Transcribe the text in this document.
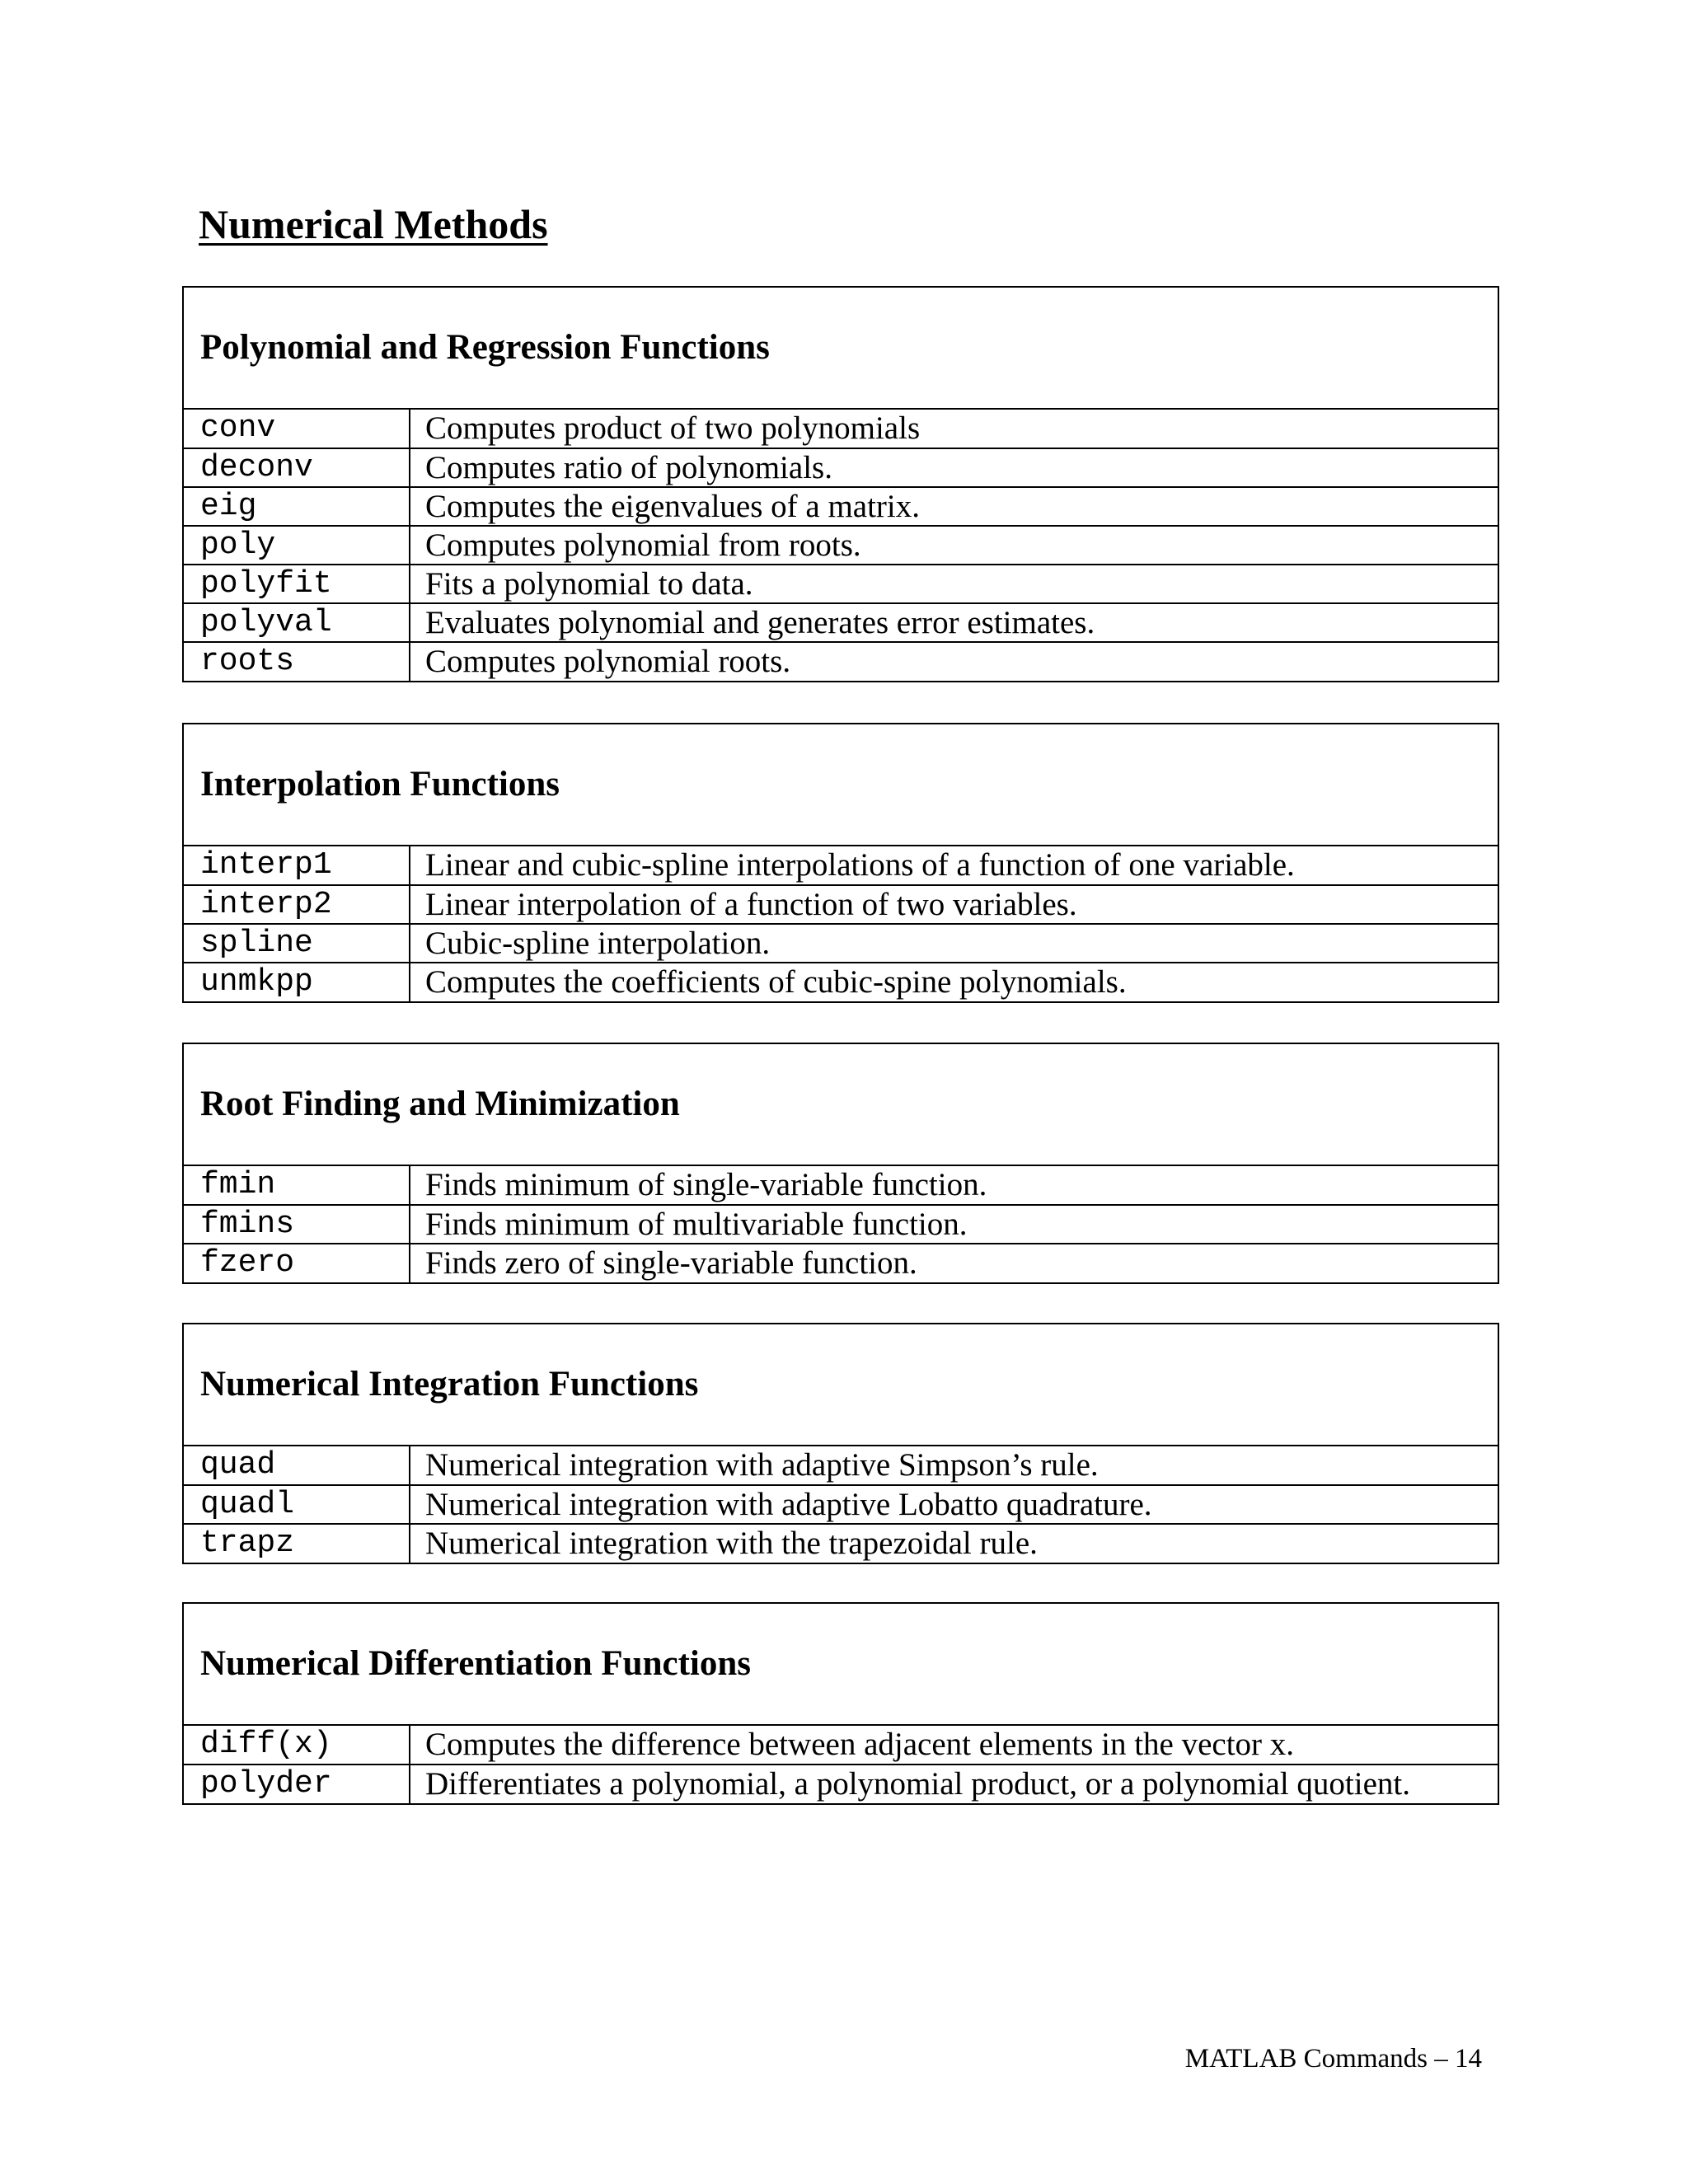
Numerical Methods
Polynomial and Regression Functions
conv	Computes product of two polynomials
deconv	Computes ratio of polynomials.
eig	Computes the eigenvalues of a matrix.
poly	Computes polynomial from roots.
polyfit	Fits a polynomial to data.
polyval	Evaluates polynomial and generates error estimates.
roots	Computes polynomial roots.
Interpolation Functions
interp1	Linear and cubic-spline interpolations of a function of one variable.
interp2	Linear interpolation of a function of two variables.
spline	Cubic-spline interpolation.
unmkpp	Computes the coefficients of cubic-spine polynomials.
Root Finding and Minimization
fmin	Finds minimum of single-variable function.
fmins	Finds minimum of multivariable function.
fzero	Finds zero of single-variable function.
Numerical Integration Functions
quad	Numerical integration with adaptive Simpson’s rule.
quadl	Numerical integration with adaptive Lobatto quadrature.
trapz	Numerical integration with the trapezoidal rule.
Numerical Differentiation Functions
diff(x)	Computes the difference between adjacent elements in the vector x.
polyder	Differentiates a polynomial, a polynomial product, or a polynomial quotient.

MATLAB Commands – 14
